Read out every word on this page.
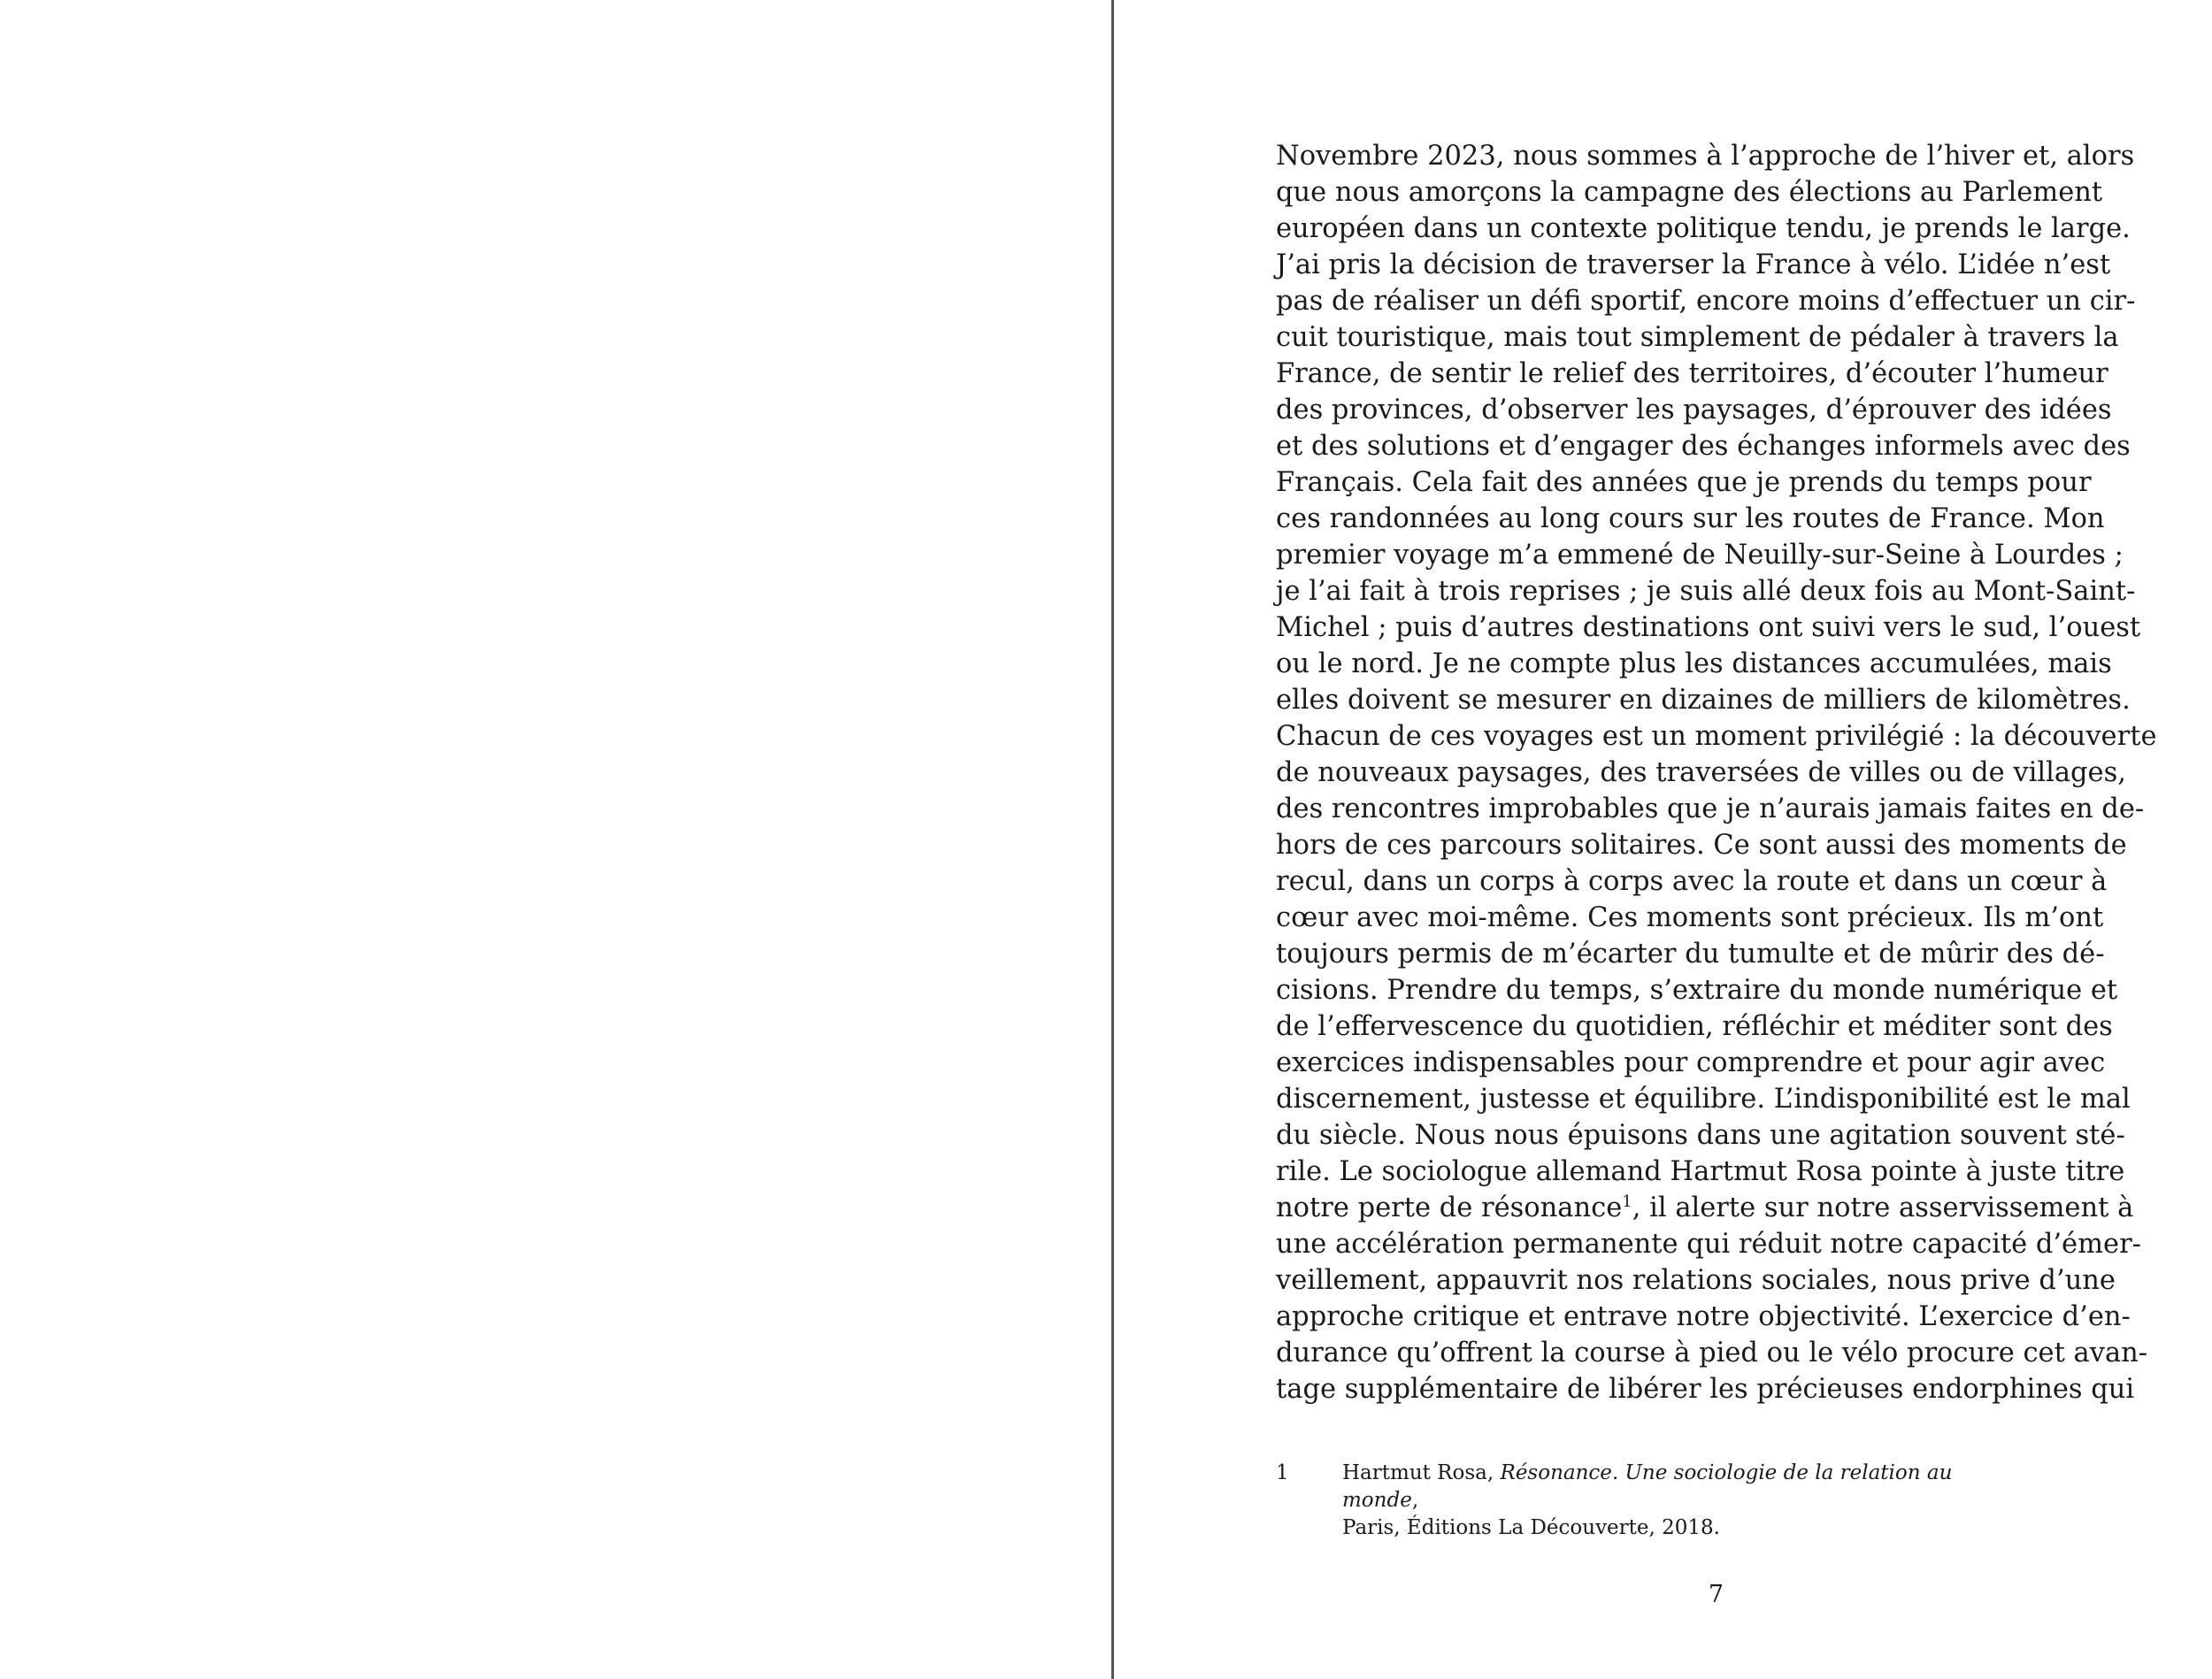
Novembre 2023, nous sommes à l’approche de l’hiver et, alors
que nous amorçons la campagne des élections au Parlement
européen dans un contexte politique tendu, je prends le large.
J’ai pris la décision de traverser la France à vélo. L’idée n’est
pas de réaliser un défi sportif, encore moins d’effectuer un cir-
cuit touristique, mais tout simplement de pédaler à travers la
France, de sentir le relief des territoires, d’écouter l’humeur
des provinces, d’observer les paysages, d’éprouver des idées
et des solutions et d’engager des échanges informels avec des
Français. Cela fait des années que je prends du temps pour
ces randonnées au long cours sur les routes de France. Mon
premier voyage m’a emmené de Neuilly-sur-Seine à Lourdes ;
je l’ai fait à trois reprises ; je suis allé deux fois au Mont-Saint-
Michel ; puis d’autres destinations ont suivi vers le sud, l’ouest
ou le nord. Je ne compte plus les distances accumulées, mais
elles doivent se mesurer en dizaines de milliers de kilomètres.
Chacun de ces voyages est un moment privilégié : la découverte
de nouveaux paysages, des traversées de villes ou de villages,
des rencontres improbables que je n’aurais jamais faites en de-
hors de ces parcours solitaires. Ce sont aussi des moments de
recul, dans un corps à corps avec la route et dans un cœur à
cœur avec moi-même. Ces moments sont précieux. Ils m’ont
toujours permis de m’écarter du tumulte et de mûrir des dé-
cisions. Prendre du temps, s’extraire du monde numérique et
de l’effervescence du quotidien, réfléchir et méditer sont des
exercices indispensables pour comprendre et pour agir avec
discernement, justesse et équilibre. L’indisponibilité est le mal
du siècle. Nous nous épuisons dans une agitation souvent sté-
rile. Le sociologue allemand Hartmut Rosa pointe à juste titre
notre perte de résonance$^1$, il alerte sur notre asservissement à
une accélération permanente qui réduit notre capacité d’émer-
veillement, appauvrit nos relations sociales, nous prive d’une
approche critique et entrave notre objectivité. L’exercice d’en-
durance qu’offrent la course à pied ou le vélo procure cet avan-
tage supplémentaire de libérer les précieuses endorphines qui
1	Hartmut Rosa, Résonance. Une sociologie de la relation au monde,
Paris, Éditions La Découverte, 2018.
7
